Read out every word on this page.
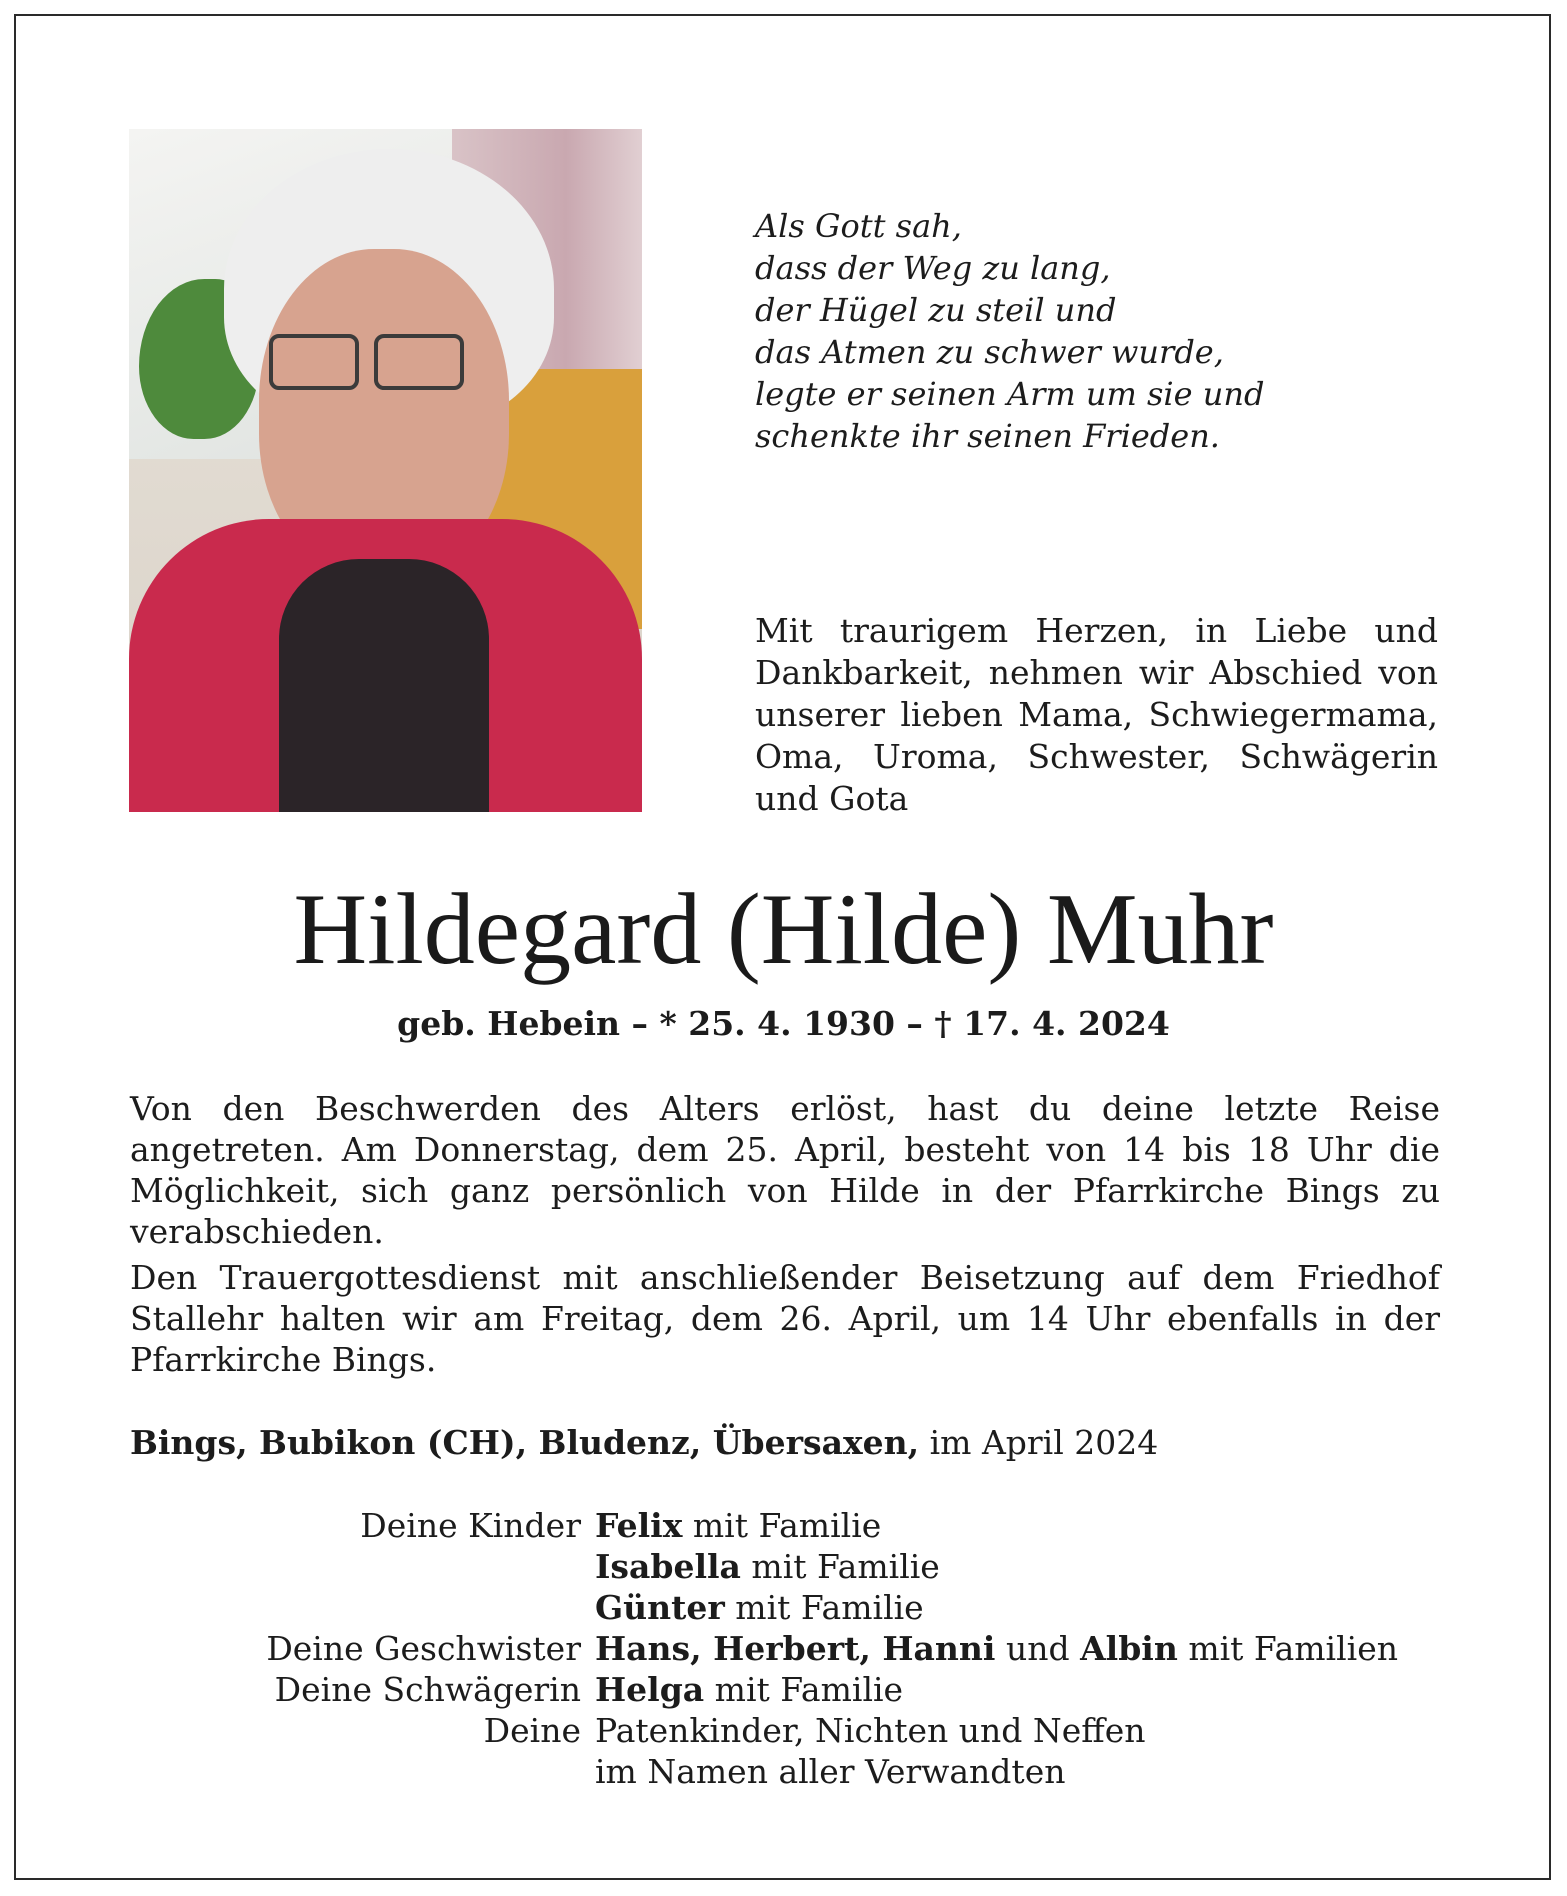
Als Gott sah,
dass der Weg zu lang,
der Hügel zu steil und
das Atmen zu schwer wurde,
legte er seinen Arm um sie und
schenkte ihr seinen Frieden.

Mit traurigem Herzen, in Liebe und Dankbarkeit, nehmen wir Abschied von unserer lieben Mama, Schwiegermama, Oma, Uroma, Schwester, Schwägerin und Gota

Hildegard (Hilde) Muhr

geb. Hebein – * 25. 4. 1930 – † 17. 4. 2024

Von den Beschwerden des Alters erlöst, hast du deine letzte Reise angetreten. Am Donnerstag, dem 25. April, besteht von 14 bis 18 Uhr die Möglichkeit, sich ganz persönlich von Hilde in der Pfarrkirche Bings zu verabschieden.

Den Trauergottesdienst mit anschließender Beisetzung auf dem Friedhof Stallehr halten wir am Freitag, dem 26. April, um 14 Uhr ebenfalls in der Pfarrkirche Bings.

Bings, Bubikon (CH), Bludenz, Übersaxen, im April 2024

Deine Kinder Felix mit Familie
Isabella mit Familie
Günter mit Familie
Deine Geschwister Hans, Herbert, Hanni und Albin mit Familien
Deine Schwägerin Helga mit Familie
Deine Patenkinder, Nichten und Neffen
im Namen aller Verwandten
